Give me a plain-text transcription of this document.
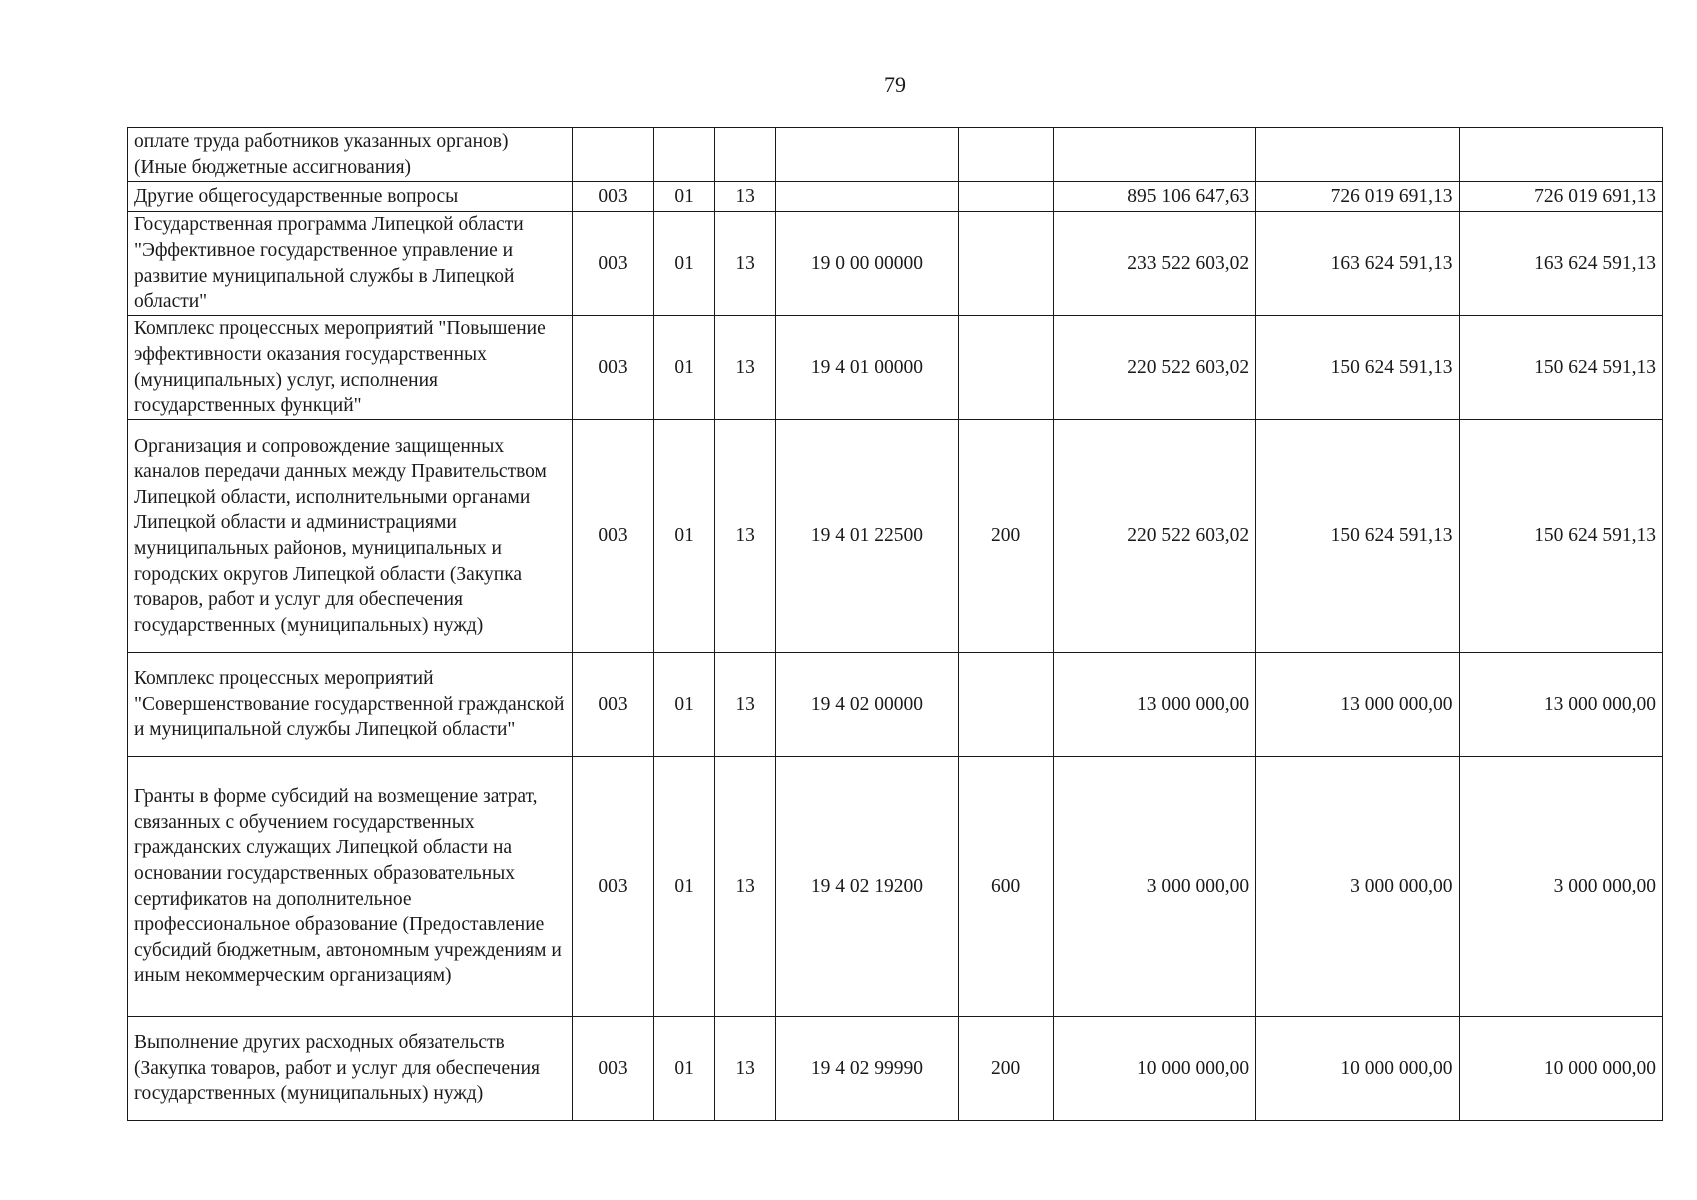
79
оплате труда работников указанных органов) (Иные бюджетные ассигнования)								
Другие общегосударственные вопросы	003	01	13			895 106 647,63	726 019 691,13	726 019 691,13
Государственная программа Липецкой области "Эффективное государственное управление и развитие муниципальной службы в Липецкой области"	003	01	13	19 0 00 00000		233 522 603,02	163 624 591,13	163 624 591,13
Комплекс процессных мероприятий "Повышение эффективности оказания государственных (муниципальных) услуг, исполнения государственных функций"	003	01	13	19 4 01 00000		220 522 603,02	150 624 591,13	150 624 591,13
Организация и сопровождение защищенных каналов передачи данных между Правительством Липецкой области, исполнительными органами Липецкой области и администрациями муниципальных районов, муниципальных и городских округов Липецкой области (Закупка товаров, работ и услуг для обеспечения государственных (муниципальных) нужд)	003	01	13	19 4 01 22500	200	220 522 603,02	150 624 591,13	150 624 591,13
Комплекс процессных мероприятий "Совершенствование государственной гражданской и муниципальной службы Липецкой области"	003	01	13	19 4 02 00000		13 000 000,00	13 000 000,00	13 000 000,00
Гранты в форме субсидий на возмещение затрат, связанных с обучением государственных гражданских служащих Липецкой области на основании государственных образовательных сертификатов на дополнительное профессиональное образование (Предоставление субсидий бюджетным, автономным учреждениям и иным некоммерческим организациям)	003	01	13	19 4 02 19200	600	3 000 000,00	3 000 000,00	3 000 000,00
Выполнение других расходных обязательств (Закупка товаров, работ и услуг для обеспечения государственных (муниципальных) нужд)	003	01	13	19 4 02 99990	200	10 000 000,00	10 000 000,00	10 000 000,00
